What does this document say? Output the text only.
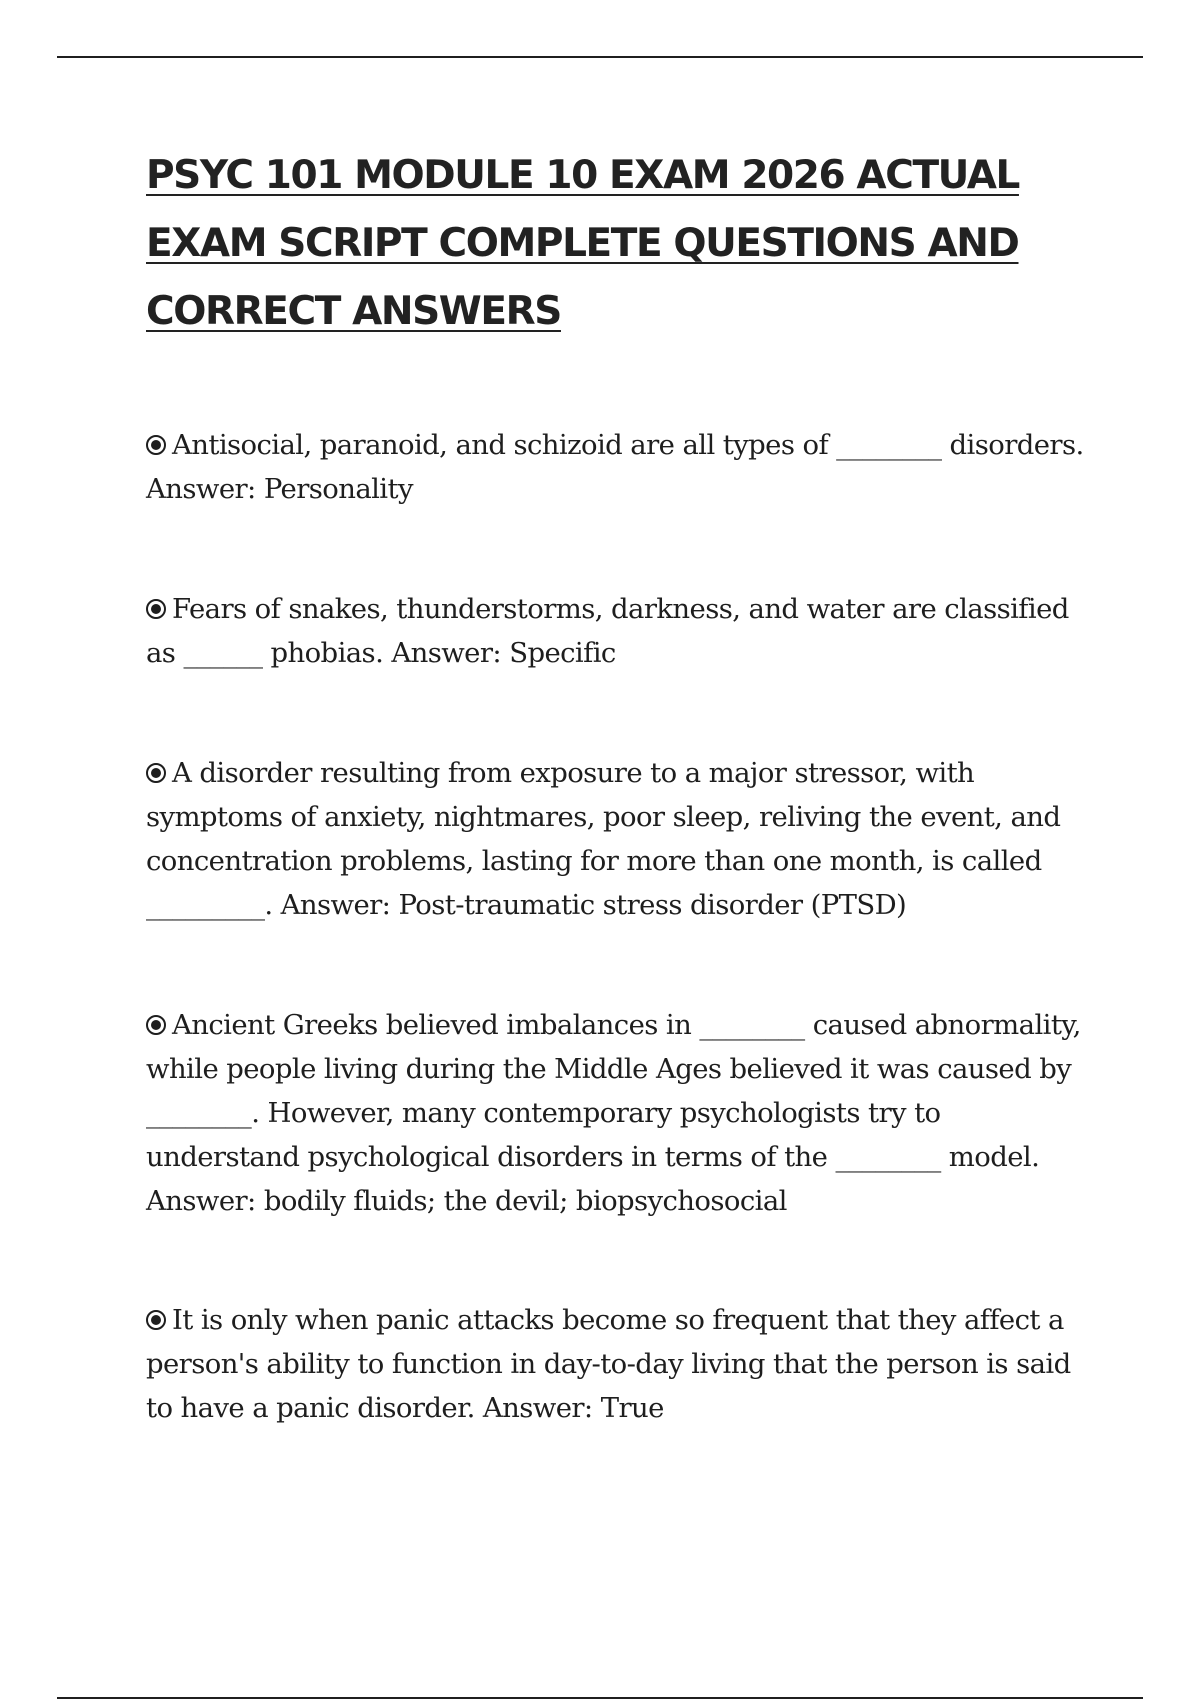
PSYC 101 MODULE 10 EXAM 2026 ACTUAL EXAM SCRIPT COMPLETE QUESTIONS AND CORRECT ANSWERS

Antisocial, paranoid, and schizoid are all types of ________ disorders. Answer: Personality

Fears of snakes, thunderstorms, darkness, and water are classified as ______ phobias. Answer: Specific

A disorder resulting from exposure to a major stressor, with symptoms of anxiety, nightmares, poor sleep, reliving the event, and concentration problems, lasting for more than one month, is called _________. Answer: Post-traumatic stress disorder (PTSD)

Ancient Greeks believed imbalances in ________ caused abnormality, while people living during the Middle Ages believed it was caused by ________. However, many contemporary psychologists try to understand psychological disorders in terms of the ________ model. Answer: bodily fluids; the devil; biopsychosocial

It is only when panic attacks become so frequent that they affect a person's ability to function in day-to-day living that the person is said to have a panic disorder. Answer: True
